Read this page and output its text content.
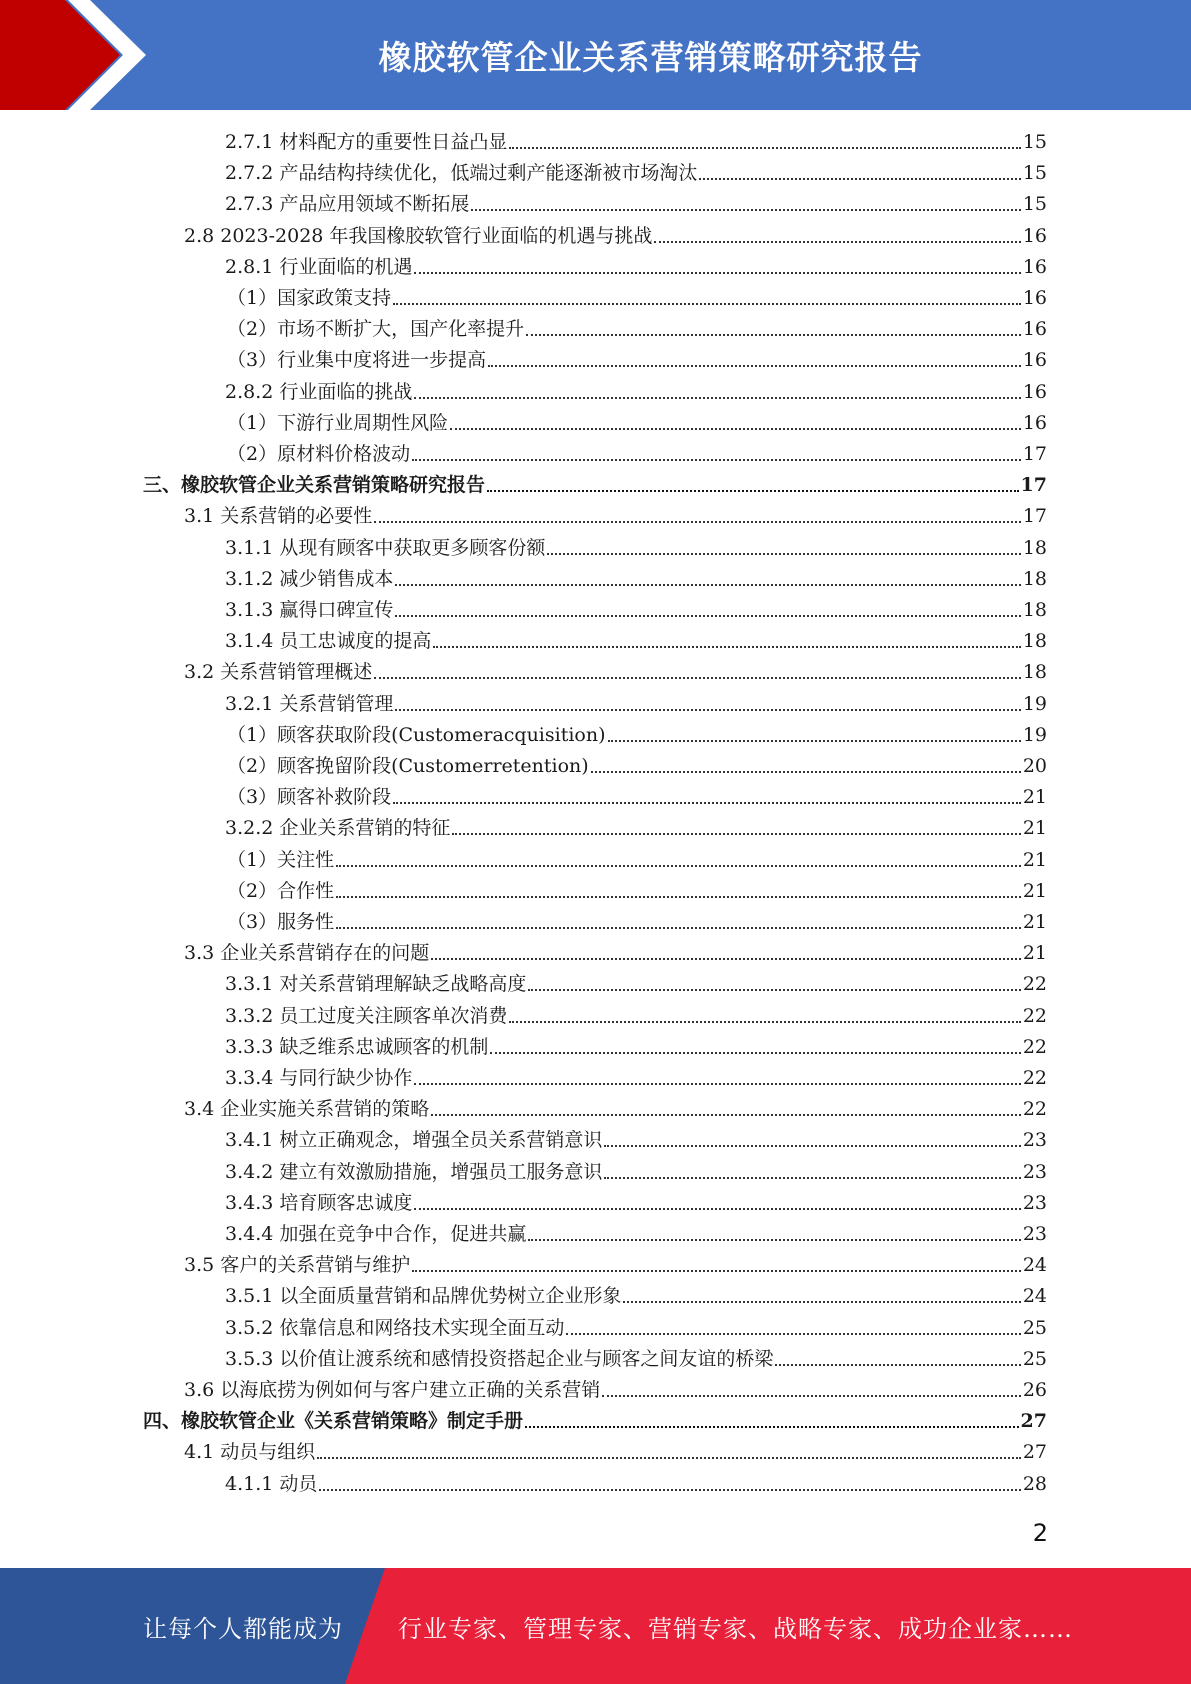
橡胶软管企业关系营销策略研究报告
2.7.1 材料配方的重要性日益凸显	15
2.7.2 产品结构持续优化，低端过剩产能逐渐被市场淘汰	15
2.7.3 产品应用领域不断拓展	15
2.8 2023-2028 年我国橡胶软管行业面临的机遇与挑战	16
2.8.1 行业面临的机遇	16
（1）国家政策支持	16
（2）市场不断扩大，国产化率提升	16
（3）行业集中度将进一步提高	16
2.8.2 行业面临的挑战	16
（1）下游行业周期性风险	16
（2）原材料价格波动	17
三、橡胶软管企业关系营销策略研究报告	17
3.1 关系营销的必要性	17
3.1.1 从现有顾客中获取更多顾客份额	18
3.1.2 减少销售成本	18
3.1.3 赢得口碑宣传	18
3.1.4 员工忠诚度的提高	18
3.2 关系营销管理概述	18
3.2.1 关系营销管理	19
（1）顾客获取阶段(Customeracquisition)	19
（2）顾客挽留阶段(Customerretention)	20
（3）顾客补救阶段	21
3.2.2 企业关系营销的特征	21
（1）关注性	21
（2）合作性	21
（3）服务性	21
3.3 企业关系营销存在的问题	21
3.3.1 对关系营销理解缺乏战略高度	22
3.3.2 员工过度关注顾客单次消费	22
3.3.3 缺乏维系忠诚顾客的机制	22
3.3.4 与同行缺少协作	22
3.4 企业实施关系营销的策略	22
3.4.1 树立正确观念，增强全员关系营销意识	23
3.4.2 建立有效激励措施，增强员工服务意识	23
3.4.3 培育顾客忠诚度	23
3.4.4 加强在竞争中合作，促进共赢	23
3.5 客户的关系营销与维护	24
3.5.1 以全面质量营销和品牌优势树立企业形象	24
3.5.2 依靠信息和网络技术实现全面互动	25
3.5.3 以价值让渡系统和感情投资搭起企业与顾客之间友谊的桥梁	25
3.6 以海底捞为例如何与客户建立正确的关系营销	26
四、橡胶软管企业《关系营销策略》制定手册	27
4.1 动员与组织	27
4.1.1 动员	28
2
让每个人都能成为 行业专家、管理专家、营销专家、战略专家、成功企业家……
